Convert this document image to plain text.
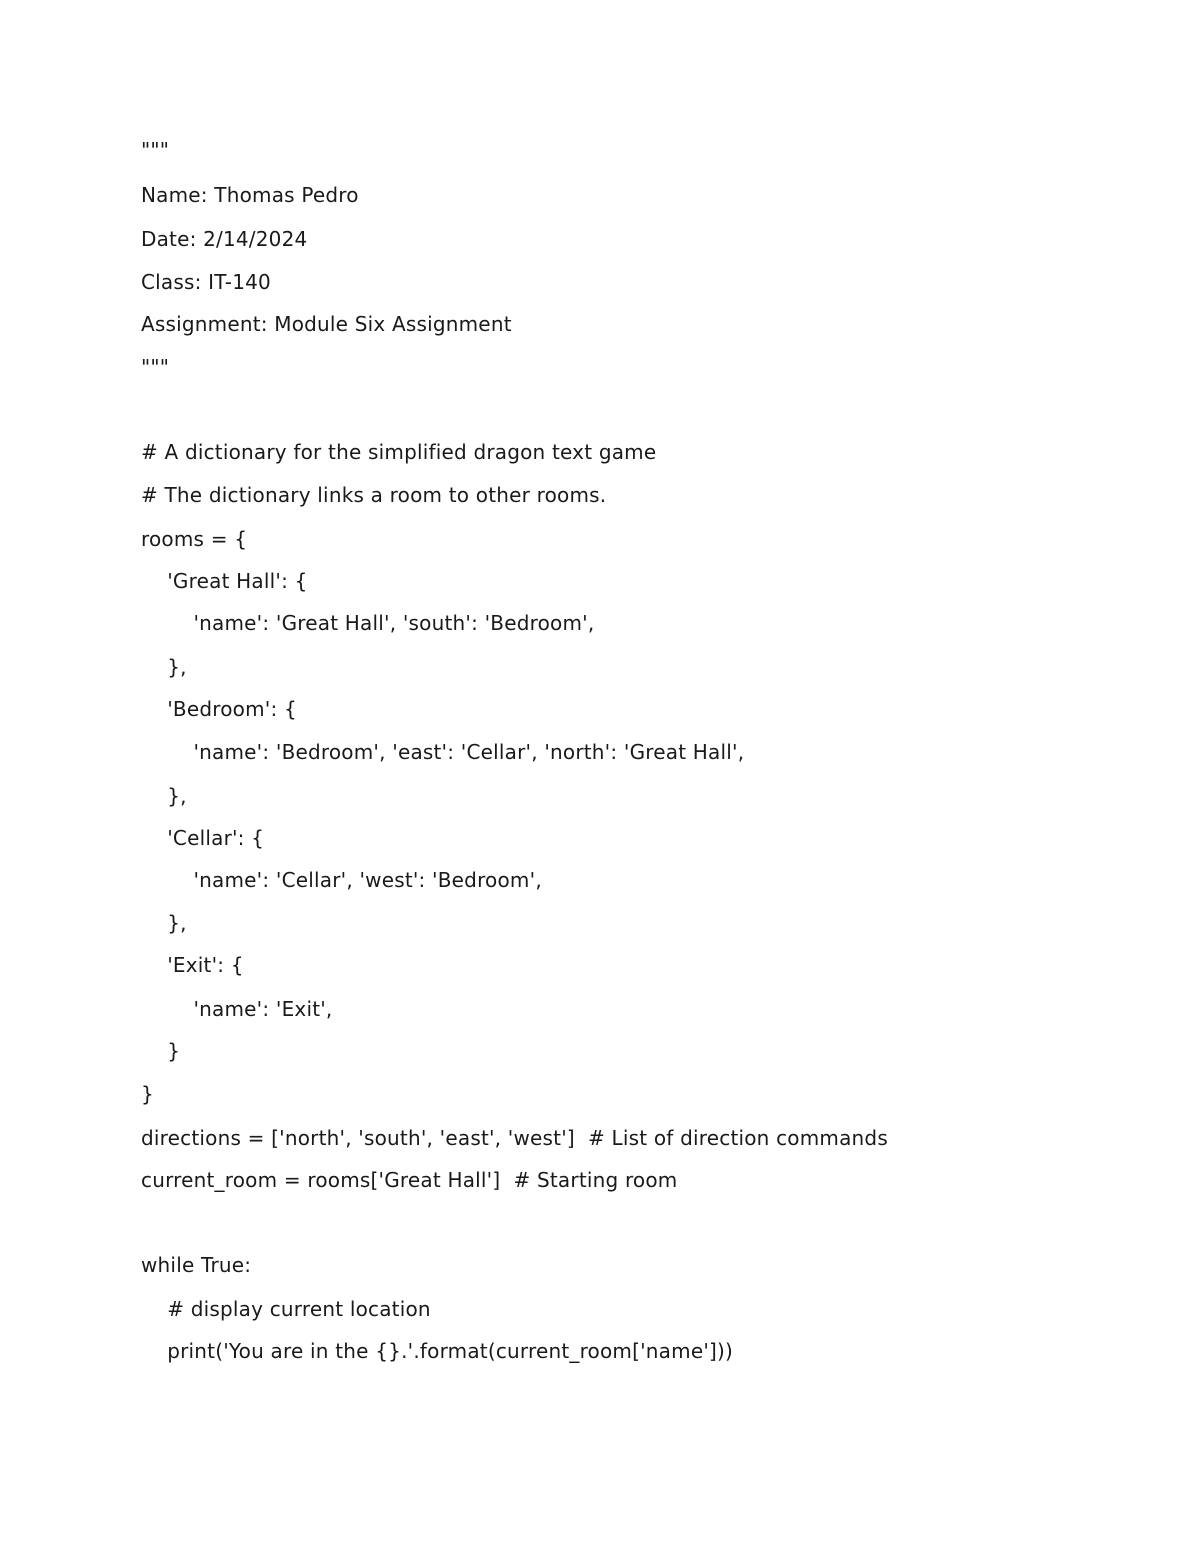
"""
Name: Thomas Pedro
Date: 2/14/2024
Class: IT-140
Assignment: Module Six Assignment
"""
# A dictionary for the simplified dragon text game
# The dictionary links a room to other rooms.
rooms = {
'Great Hall': {
'name': 'Great Hall', 'south': 'Bedroom',
},
'Bedroom': {
'name': 'Bedroom', 'east': 'Cellar', 'north': 'Great Hall',
},
'Cellar': {
'name': 'Cellar', 'west': 'Bedroom',
},
'Exit': {
'name': 'Exit',
}
}
directions = ['north', 'south', 'east', 'west']  # List of direction commands
current_room = rooms['Great Hall']  # Starting room
while True:
# display current location
print('You are in the {}.'.format(current_room['name']))
